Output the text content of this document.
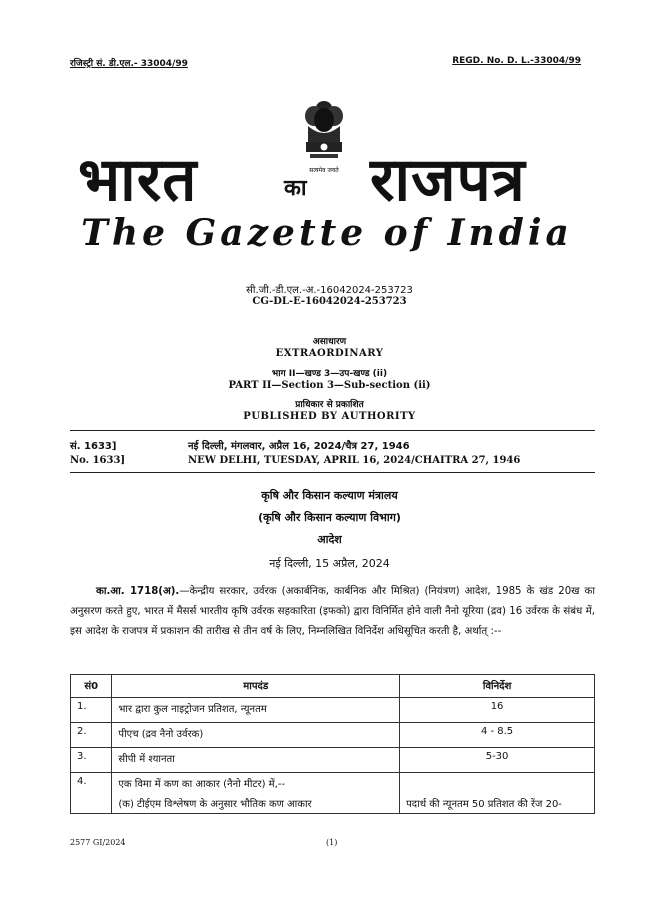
रजिस्ट्री सं. डी.एल.- 33004/99	REGD. No. D. L.-33004/99
सत्यमेव जयते
भारत	का राजपत्र
The Gazette of India
सी.जी.-डी.एल.-अ.-16042024-253723
CG-DL-E-16042024-253723
असाधारण
EXTRAORDINARY
भाग II—खण्ड 3—उप-खण्ड (ii)
PART II—Section 3—Sub-section (ii)
प्राधिकार से प्रकाशित
PUBLISHED BY AUTHORITY
सं. 1633]	नई दिल्ली, मंगलवार, अप्रैल 16, 2024/चैत्र 27, 1946
No. 1633]	NEW DELHI, TUESDAY, APRIL 16, 2024/CHAITRA 27, 1946
कृषि और किसान कल्याण मंत्रालय
(कृषि और किसान कल्याण विभाग)
आदेश
नई दिल्ली, 15 अप्रैल, 2024
का.आ. 1718(अ).—केन्द्रीय सरकार, उर्वरक (अकार्बनिक, कार्बनिक और मिश्रित) (नियंत्रण) आदेश, 1985 के खंड 20ख का अनुसरण करते हुए, भारत में मैसर्स भारतीय कृषि उर्वरक सहकारिता (इफको) द्वारा विनिर्मित होने वाली नैनो यूरिया (द्रव) 16 उर्वरक के संबंध में, इस आदेश के राजपत्र में प्रकाशन की तारीख से तीन वर्ष के लिए, निम्नलिखित विनिर्देश अधिसूचित करती है, अर्थात् :--
सं0	मापदंड	विनिर्देश
1.	भार द्वारा कुल नाइट्रोजन प्रतिशत, न्यूनतम	16
2.	पीएच (द्रव नैनो उर्वरक)	4 - 8.5
3.	सीपी में श्यानता	5-30
4.	एक विमा में कण का आकार (नैनो मीटर) में,--
(क) टीईएम विश्लेषण के अनुसार भौतिक कण आकार	पदार्थ की न्यूनतम 50 प्रतिशत की रेंज 20-
2577 GI/2024	(1)
